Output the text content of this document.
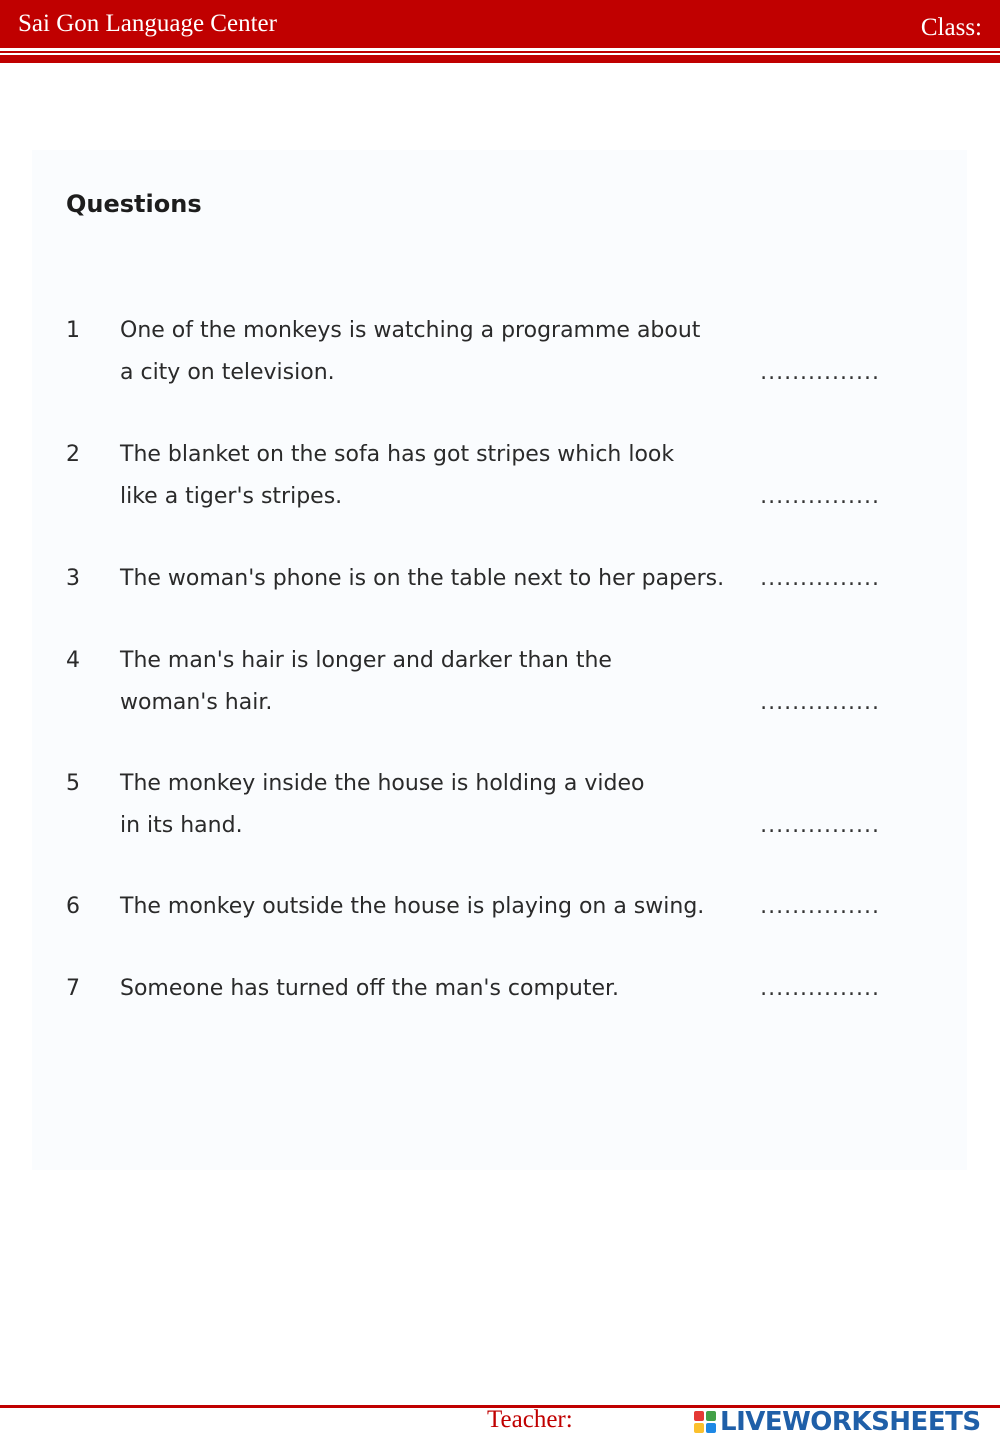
Sai Gon Language Center	Class:
Questions
1 One of the monkeys is watching a programme about
a city on television.	...............
2 The blanket on the sofa has got stripes which look
like a tiger's stripes.	...............
3 The woman's phone is on the table next to her papers.	...............
4 The man's hair is longer and darker than the
woman's hair.	...............
5 The monkey inside the house is holding a video
in its hand.	...............
6 The monkey outside the house is playing on a swing.	...............
7 Someone has turned off the man's computer.	...............
Teacher:	LIVEWORKSHEETS
